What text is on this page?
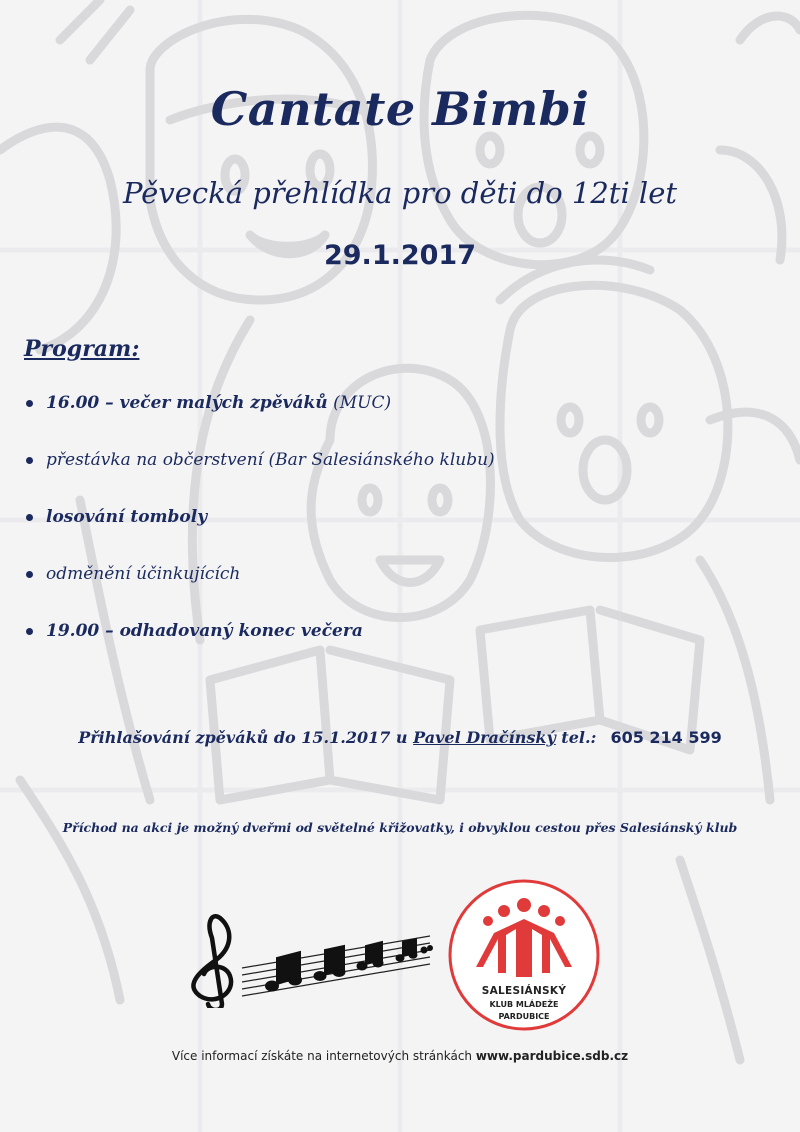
Cantate Bimbi
Pěvecká přehlídka pro děti do 12ti let
29.1.2017
Program:
16.00 – večer malých zpěváků (MUC)
přestávka na občerstvení (Bar Salesiánského klubu)
losování tomboly
odměnění účinkujících
19.00 – odhadovaný konec večera
Přihlašování zpěváků do 15.1.2017 u Pavel Dračínský tel.: 605 214 599
Příchod na akci je možný dveřmi od světelné křižovatky, i obvyklou cestou přes Salesiánský klub
SALESIÁNSKÝ
KLUB MLÁDEŽE
PARDUBICE
Více informací získáte na internetových stránkách www.pardubice.sdb.cz
